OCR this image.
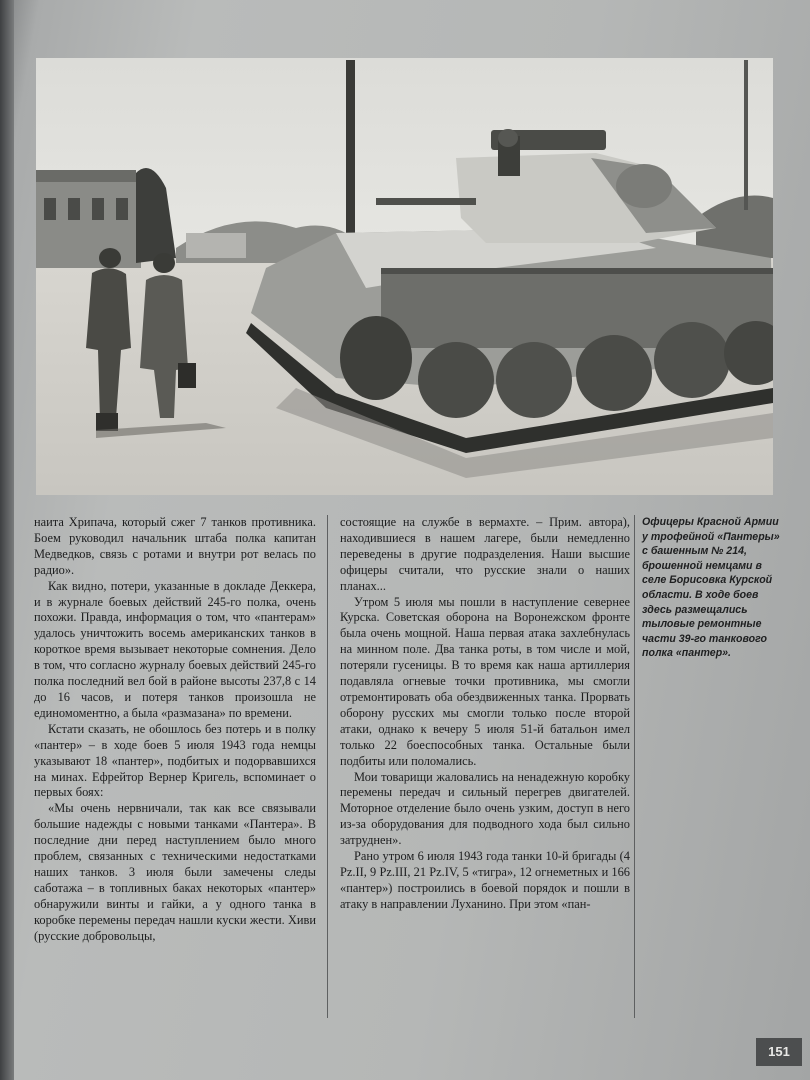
наита Хрипача, который сжег 7 танков противника. Боем руководил начальник штаба полка капитан Медведков, связь с ротами и внутри рот велась по радио».

Как видно, потери, указанные в докладе Деккера, и в журнале боевых действий 245-го полка, очень похожи. Правда, информация о том, что «пантерам» удалось уничтожить восемь американских танков в короткое время вызывает некоторые сомнения. Дело в том, что согласно журналу боевых действий 245-го полка последний вел бой в районе высоты 237,8 с 14 до 16 часов, и потеря танков произошла не единомоментно, а была «размазана» по времени.

Кстати сказать, не обошлось без потерь и в полку «пантер» – в ходе боев 5 июля 1943 года немцы указывают 18 «пантер», подбитых и подорвавшихся на минах. Ефрейтор Вернер Кригель, вспоминает о первых боях:

«Мы очень нервничали, так как все связывали большие надежды с новыми танками «Пантера». В последние дни перед наступлением было много проблем, связанных с техническими недостатками наших танков. 3 июля были замечены следы саботажа – в топливных баках некоторых «пантер» обнаружили винты и гайки, а у одного танка в коробке перемены передач нашли куски жести. Хиви (русские добровольцы,

состоящие на службе в вермахте. – Прим. автора), находившиеся в нашем лагере, были немедленно переведены в другие подразделения. Наши высшие офицеры считали, что русские знали о наших планах...

Утром 5 июля мы пошли в наступление севернее Курска. Советская оборона на Воронежском фронте была очень мощной. Наша первая атака захлебнулась на минном поле. Два танка роты, в том числе и мой, потеряли гусеницы. В то время как наша артиллерия подавляла огневые точки противника, мы смогли отремонтировать оба обездвиженных танка. Прорвать оборону русских мы смогли только после второй атаки, однако к вечеру 5 июля 51-й батальон имел только 22 боеспособных танка. Остальные были подбиты или поломались.

Мои товарищи жаловались на ненадежную коробку перемены передач и сильный перегрев двигателей. Моторное отделение было очень узким, доступ в него из-за оборудования для подводного хода был сильно затруднен».

Рано утром 6 июля 1943 года танки 10-й бригады (4 Pz.II, 9 Pz.III, 21 Pz.IV, 5 «тигра», 12 огнеметных и 166 «пантер») построились в боевой порядок и пошли в атаку в направлении Луханино. При этом «пан-

Офицеры Красной Армии у трофейной «Пантеры» с башенным № 214, брошенной немцами в селе Борисовка Курской области. В ходе боев здесь размещались тыловые ремонтные части 39-го танкового полка «пантер».
151
